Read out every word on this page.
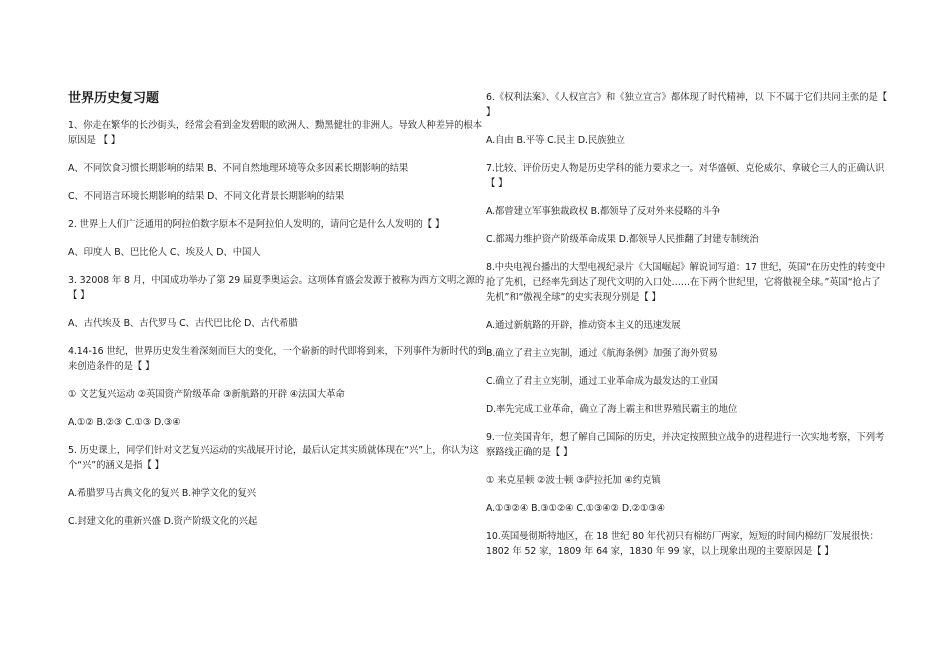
世界历史复习题
1、你走在繁华的长沙街头，经常会看到金发碧眼的欧洲人、黝黑健壮的非洲人。导致人种差异的根本原因是 【 】
A、不同饮食习惯长期影响的结果 B、不同自然地理环境等众多因素长期影响的结果
C、不同语言环境长期影响的结果 D、不同文化背景长期影响的结果
2. 世界上人们广泛通用的阿拉伯数字原本不是阿拉伯人发明的，请问它是什么人发明的【 】
A、印度人 B、巴比伦人 C、埃及人 D、中国人
3. 32008 年 8 月，中国成功举办了第 29 届夏季奥运会。这项体育盛会发源于被称为西方文明之源的【 】
A、古代埃及 B、古代罗马 C、古代巴比伦 D、古代希腊
4.14-16 世纪，世界历史发生着深刻而巨大的变化，一个崭新的时代即将到来，下列事件为新时代的到来创造条件的是【 】
① 文艺复兴运动 ②英国资产阶级革命 ③新航路的开辟 ④法国大革命
A.①② B.②③ C.①③ D.③④
5. 历史课上，同学们针对文艺复兴运动的实战展开讨论，最后认定其实质就体现在“兴”上，你认为这个“兴”的涵义是指【 】
A.希腊罗马古典文化的复兴 B.神学文化的复兴
C.封建文化的重新兴盛 D.资产阶级文化的兴起
6.《权利法案》、《人权宣言》和《独立宣言》都体现了时代精神，以 下不属于它们共同主张的是【 】
A.自由 B.平等 C.民主 D.民族独立
7.比较、评价历史人物是历史学科的能力要求之一。对华盛顿、克伦威尔、拿破仑三人的正确认识【 】
A.都曾建立军事独裁政权 B.都领导了反对外来侵略的斗争
C.都竭力维护资产阶级革命成果 D.都领导人民推翻了封建专制统治
8.中央电视台播出的大型电视纪录片《大国崛起》解说词写道：17 世纪，英国“在历史性的转变中抢了先机，已经率先到达了现代文明的入口处……在下两个世纪里，它将傲视全球。”英国“抢占了先机”和“傲视全球”的史实表现分别是【 】
A.通过新航路的开辟，推动资本主义的迅速发展
B.确立了君主立宪制，通过《航海条例》加强了海外贸易
C.确立了君主立宪制，通过工业革命成为最发达的工业国
D.率先完成工业革命，确立了海上霸主和世界殖民霸主的地位
9.一位美国青年，想了解自己国际的历史，并决定按照独立战争的进程进行一次实地考察，下列考察路线正确的是【 】
① 来克星顿 ②波士顿 ③萨拉托加 ④约克镇
A.①③②④ B.③①②④ C.①③④② D.②①③④
10.英国曼彻斯特地区，在 18 世纪 80 年代初只有棉纺厂两家，短短的时间内棉纺厂发展很快：1802 年 52 家，1809 年 64 家，1830 年 99 家，以上现象出现的主要原因是【 】
